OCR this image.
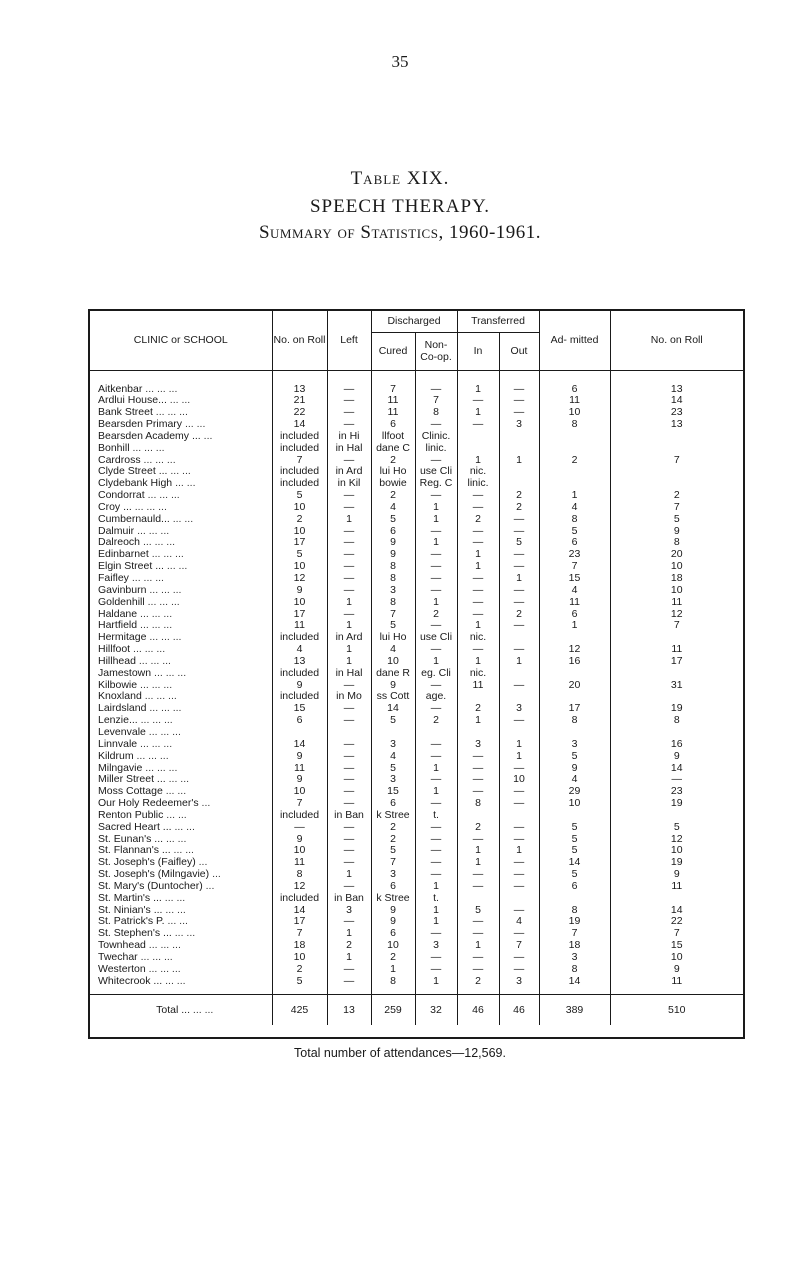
35
Table XIX.
SPEECH THERAPY.
Summary of Statistics, 1960-1961.
CLINIC or SCHOOL	No. on Roll	Left	Discharged		Transferred		Ad- mitted	No. on Roll
			Cured	Non- Co-op.	In	Out		

Aitkenbar ... ... ...	13	—	7	—	1	—	6	13
Ardlui House... ... ...	21	—	11	7	—	—	11	14
Bank Street ... ... ...	22	—	11	8	1	—	10	23
Bearsden Primary ... ...	14	—	6	—	—	3	8	13
Bearsden Academy ... ...	included	in Hi	llfoot	Clinic.				
Bonhill ... ... ...	included	in Hal	dane C	linic.				
Cardross ... ... ...	7	—	2	—	1	1	2	7
Clyde Street ... ... ...	included	in Ard	lui Ho	use Cli	nic.			
Clydebank High ... ...	included	in Kil	bowie	Reg. C	linic.			
Condorrat ... ... ...	5	—	2	—	—	2	1	2
Croy ... ... ... ...	10	—	4	1	—	2	4	7
Cumbernauld... ... ...	2	1	5	1	2	—	8	5
Dalmuir ... ... ...	10	—	6	—	—	—	5	9
Dalreoch ... ... ...	17	—	9	1	—	5	6	8
Edinbarnet ... ... ...	5	—	9	—	1	—	23	20
Elgin Street ... ... ...	10	—	8	—	1	—	7	10
Faifley ... ... ...	12	—	8	—	—	1	15	18
Gavinburn ... ... ...	9	—	3	—	—	—	4	10
Goldenhill ... ... ...	10	1	8	1	—	—	11	11
Haldane ... ... ...	17	—	7	2	—	2	6	12
Hartfield ... ... ...	11	1	5	—	1	—	1	7
Hermitage ... ... ...	included	in Ard	lui Ho	use Cli	nic.			
Hillfoot ... ... ...	4	1	4	—	—	—	12	11
Hillhead ... ... ...	13	1	10	1	1	1	16	17
Jamestown ... ... ...	included	in Hal	dane R	eg. Cli	nic.			
Kilbowie ... ... ...	9	—	9	—	11	—	20	31
Knoxland ... ... ...	included	in Mo	ss Cott	age.				
Lairdsland ... ... ...	15	—	14	—	2	3	17	19
Lenzie... ... ... ...	6	—	5	2	1	—	8	8
Levenvale ... ... ...								
Linnvale ... ... ...	14	—	3	—	3	1	3	16
Kildrum ... ... ...	9	—	4	—	—	1	5	9
Milngavie ... ... ...	11	—	5	1	—	—	9	14
Miller Street ... ... ...	9	—	3	—	—	10	4	—
Moss Cottage ... ...	10	—	15	1	—	—	29	23
Our Holy Redeemer's ...	7	—	6	—	8	—	10	19
Renton Public ... ...	included	in Ban	k Stree	t.				
Sacred Heart ... ... ...	—	—	2	—	2	—	5	5
St. Eunan's ... ... ...	9	—	2	—	—	—	5	12
St. Flannan's ... ... ...	10	—	5	—	1	1	5	10
St. Joseph's (Faifley) ...	11	—	7	—	1	—	14	19
St. Joseph's (Milngavie) ...	8	1	3	—	—	—	5	9
St. Mary's (Duntocher) ...	12	—	6	1	—	—	6	11
St. Martin's ... ... ...	included	in Ban	k Stree	t.				
St. Ninian's ... ... ...	14	3	9	1	5	—	8	14
St. Patrick's P. ... ...	17	—	9	1	—	4	19	22
St. Stephen's ... ... ...	7	1	6	—	—	—	7	7
Townhead ... ... ...	18	2	10	3	1	7	18	15
Twechar ... ... ...	10	1	2	—	—	—	3	10
Westerton ... ... ...	2	—	1	—	—	—	8	9
Whitecrook ... ... ...	5	—	8	1	2	3	14	11
Total ... ... ...	425	13	259	32	46	46	389	510
Total number of attendances—12,569.
